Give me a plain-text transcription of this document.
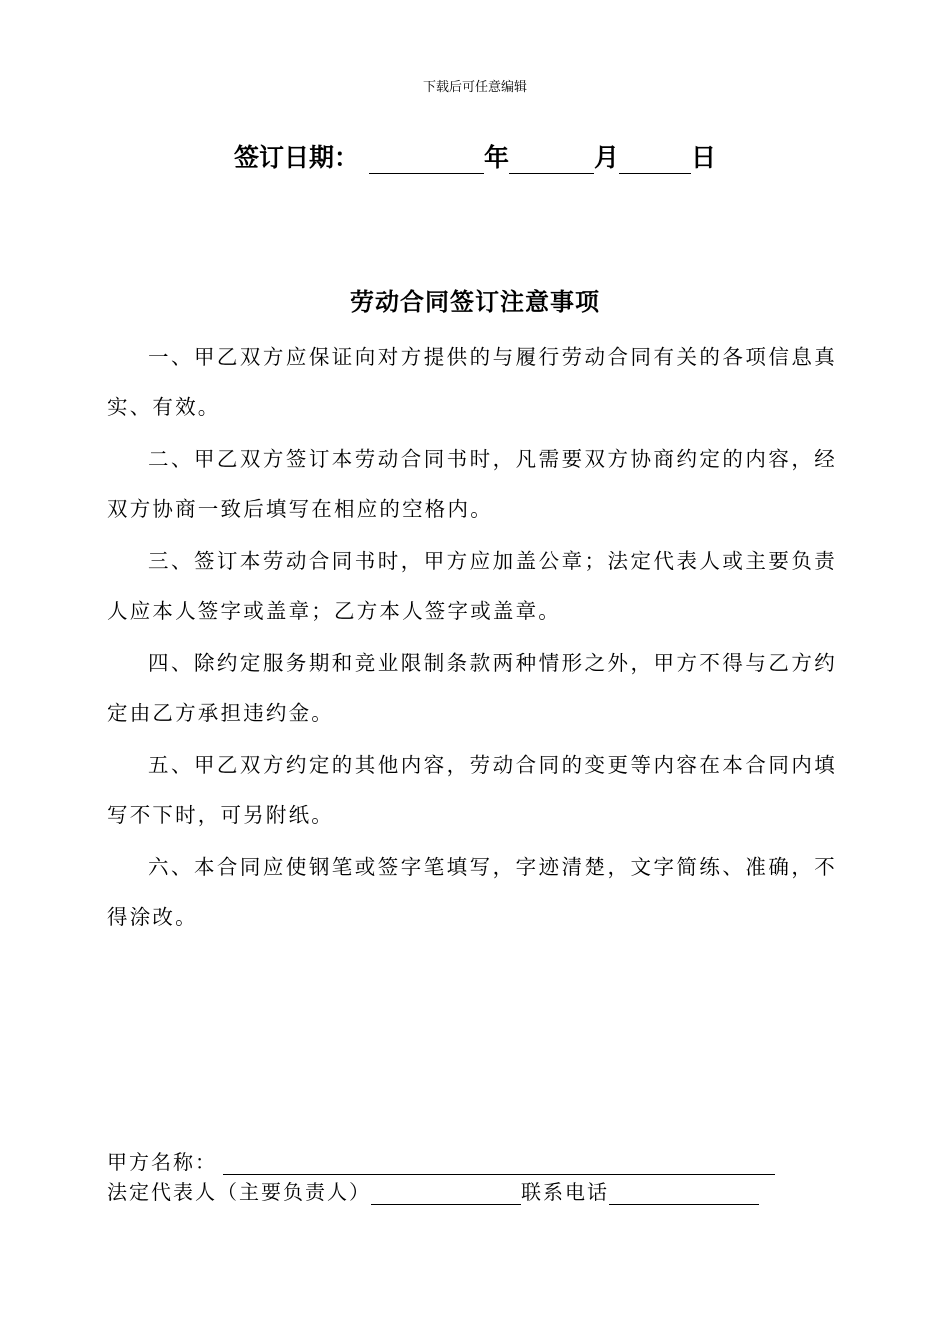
下载后可任意编辑
签订日期：	年	月	日
劳动合同签订注意事项

一、甲乙双方应保证向对方提供的与履行劳动合同有关的各项信息真实、有效。

二、甲乙双方签订本劳动合同书时，凡需要双方协商约定的内容，经双方协商一致后填写在相应的空格内。

三、签订本劳动合同书时，甲方应加盖公章；法定代表人或主要负责人应本人签字或盖章；乙方本人签字或盖章。

四、除约定服务期和竞业限制条款两种情形之外，甲方不得与乙方约定由乙方承担违约金。

五、甲乙双方约定的其他内容，劳动合同的变更等内容在本合同内填写不下时，可另附纸。

六、本合同应使钢笔或签字笔填写，字迹清楚，文字简练、准确，不得涂改。

甲方名称：
法定代表人（主要负责人）	联系电话
